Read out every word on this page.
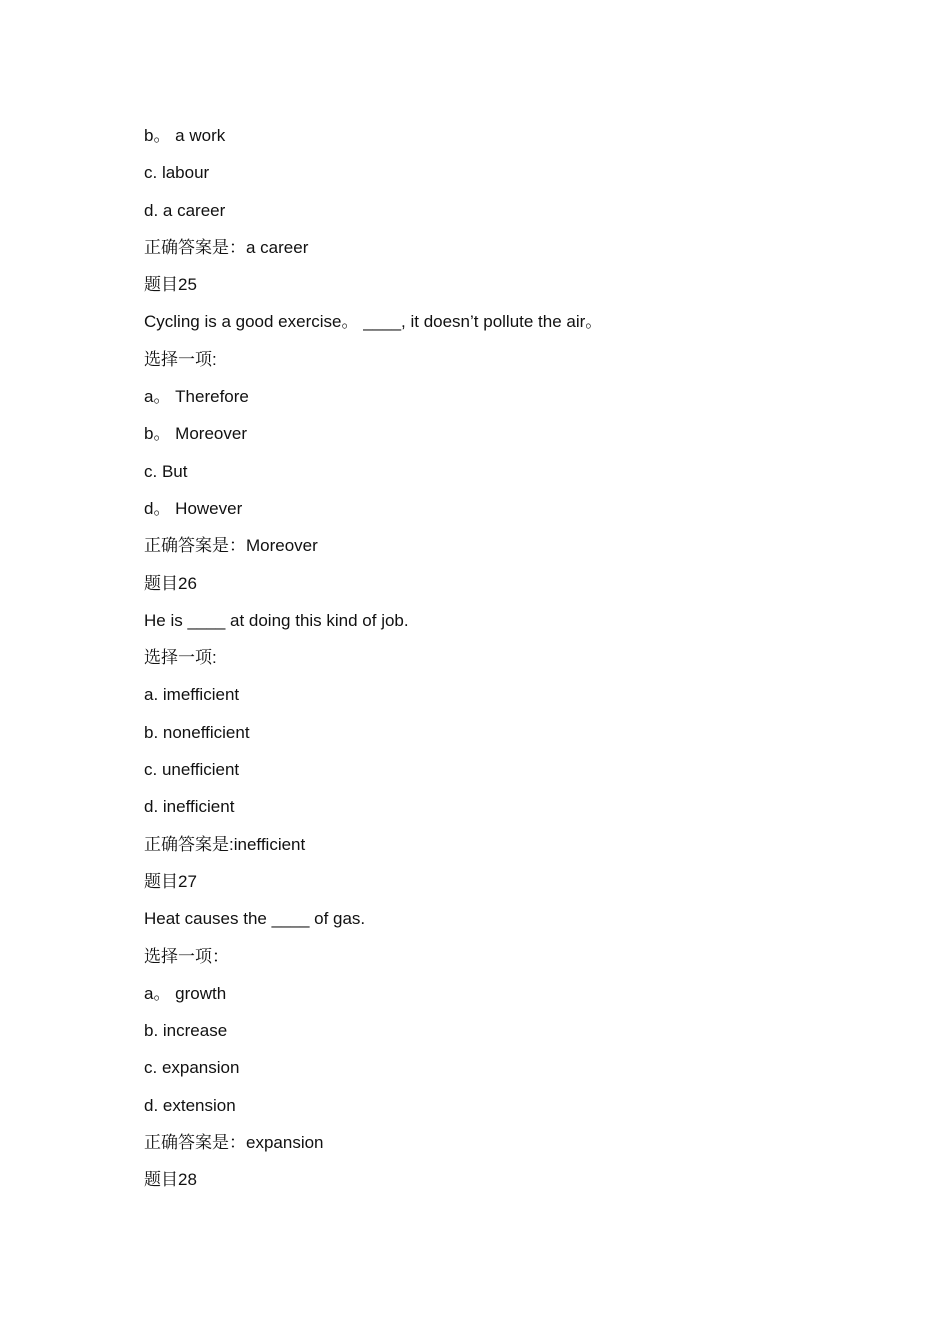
b。 a work
c. labour
d. a career
正确答案是：a career
题目25
Cycling is a good exercise。 ____, it doesn’t pollute the air。
选择一项:
a。 Therefore
b。 Moreover
c. But
d。 However
正确答案是：Moreover
题目26
He is ____ at doing this kind of job.
选择一项:
a. imefficient
b. nonefficient
c. unefficient
d. inefficient
正确答案是:inefficient
题目27
Heat causes the ____ of gas.
选择一项：
a。 growth
b. increase
c. expansion
d. extension
正确答案是：expansion
题目28
